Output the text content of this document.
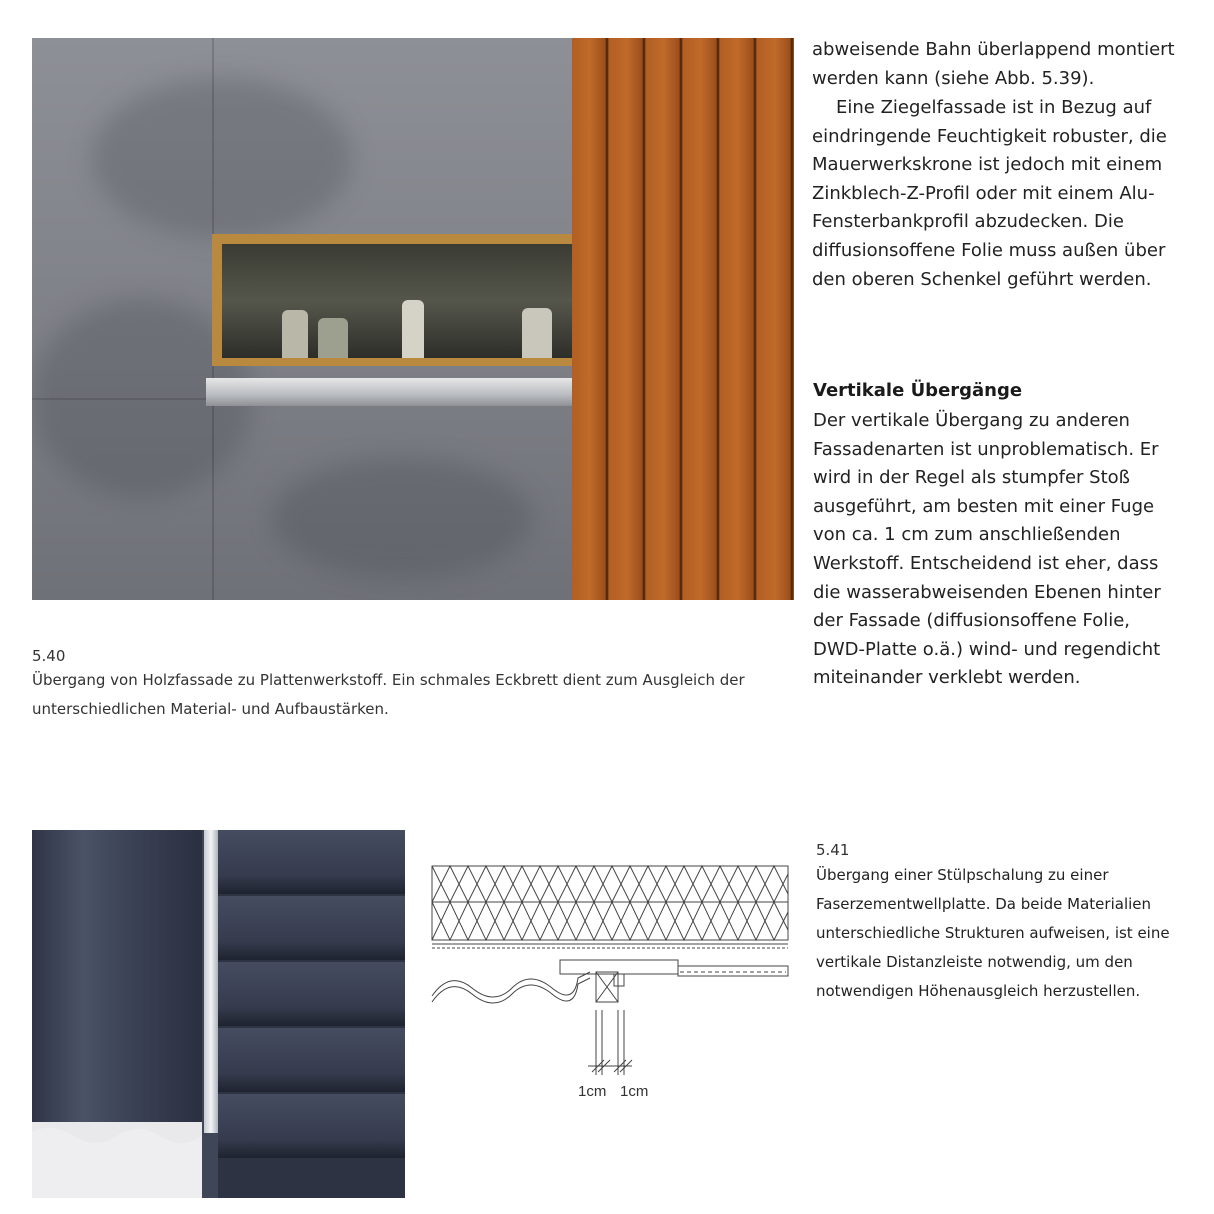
5.40
Übergang von Holzfassade zu Plattenwerkstoff. Ein schmales Eckbrett dient zum Ausgleich der unterschiedlichen Material- und Aufbaustärken.
abweisende Bahn überlappend montiert werden kann (siehe Abb. 5.39).
Eine Ziegelfassade ist in Bezug auf eindringende Feuchtigkeit robuster, die Mauerwerkskrone ist jedoch mit einem Zinkblech-Z-Profil oder mit einem Alu-Fensterbankprofil abzudecken. Die diffusionsoffene Folie muss außen über den oberen Schenkel geführt werden.
Vertikale Übergänge
Der vertikale Übergang zu anderen Fassadenarten ist unproblematisch. Er wird in der Regel als stumpfer Stoß ausgeführt, am besten mit einer Fuge von ca. 1 cm zum anschließenden Werkstoff. Entscheidend ist eher, dass die wasserabweisenden Ebenen hinter der Fassade (diffusionsoffene Folie, DWD-Platte o.ä.) wind- und regendicht miteinander verklebt werden.
1cm 1cm
5.41
Übergang einer Stülpschalung zu einer Faserzementwellplatte. Da beide Materialien unterschiedliche Strukturen aufweisen, ist eine vertikale Distanzleiste notwendig, um den notwendigen Höhenausgleich herzustellen.
